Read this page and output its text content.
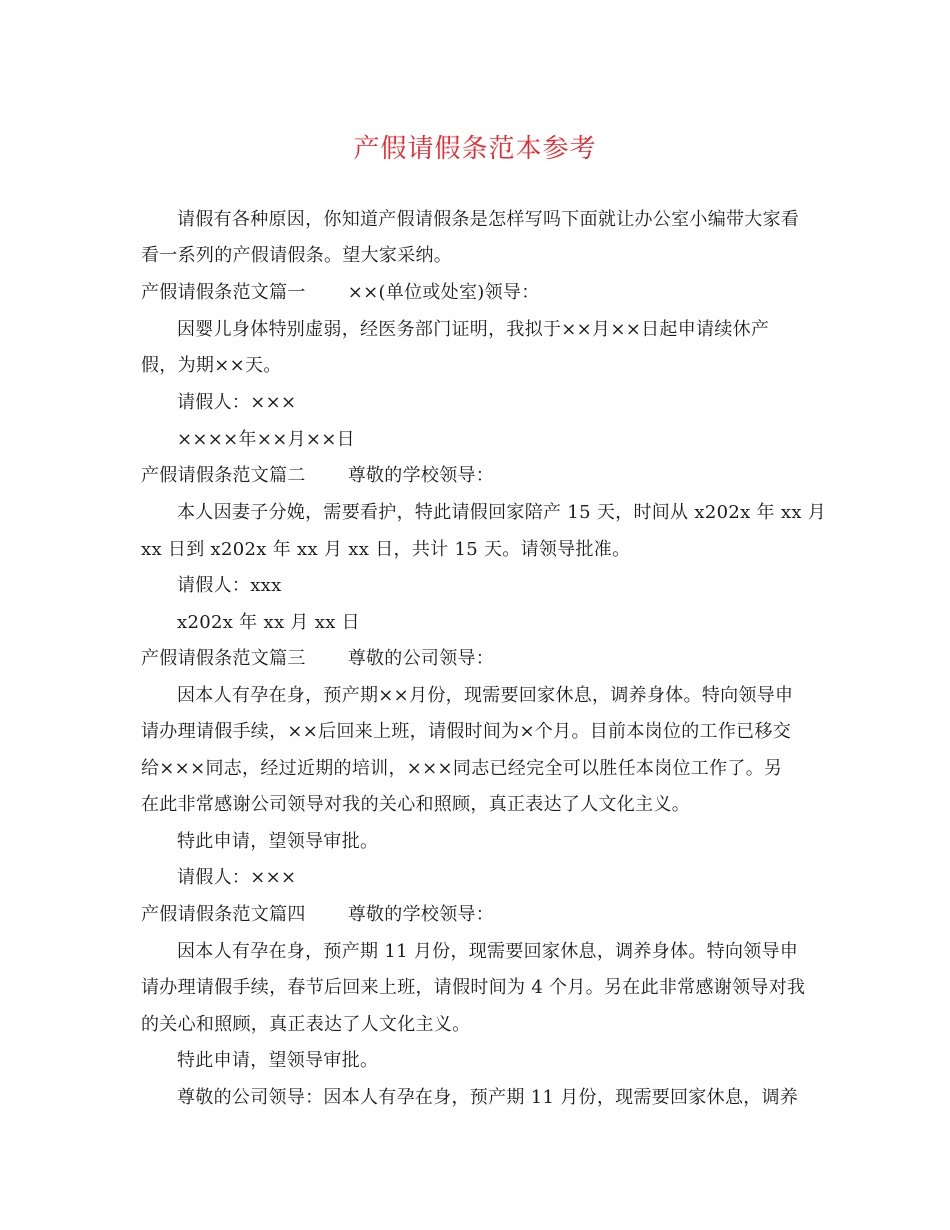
产假请假条范本参考
请假有各种原因，你知道产假请假条是怎样写吗下面就让办公室小编带大家看
看一系列的产假请假条。望大家采纳。
产假请假条范文篇一 ××(单位或处室)领导：
因婴儿身体特别虚弱，经医务部门证明，我拟于××月××日起申请续休产
假，为期××天。
请假人：×××
××××年××月××日
产假请假条范文篇二 尊敬的学校领导：
本人因妻子分娩，需要看护，特此请假回家陪产 15 天，时间从 x202x 年 xx 月
xx 日到 x202x 年 xx 月 xx 日，共计 15 天。请领导批准。
请假人：xxx
x202x 年 xx 月 xx 日
产假请假条范文篇三 尊敬的公司领导：
因本人有孕在身，预产期××月份，现需要回家休息，调养身体。特向领导申
请办理请假手续，××后回来上班，请假时间为×个月。目前本岗位的工作已移交
给×××同志，经过近期的培训，×××同志已经完全可以胜任本岗位工作了。另
在此非常感谢公司领导对我的关心和照顾，真正表达了人文化主义。
特此申请，望领导审批。
请假人：×××
产假请假条范文篇四 尊敬的学校领导：
因本人有孕在身，预产期 11 月份，现需要回家休息，调养身体。特向领导申
请办理请假手续，春节后回来上班，请假时间为 4 个月。另在此非常感谢领导对我
的关心和照顾，真正表达了人文化主义。
特此申请，望领导审批。
尊敬的公司领导：因本人有孕在身，预产期 11 月份，现需要回家休息，调养
